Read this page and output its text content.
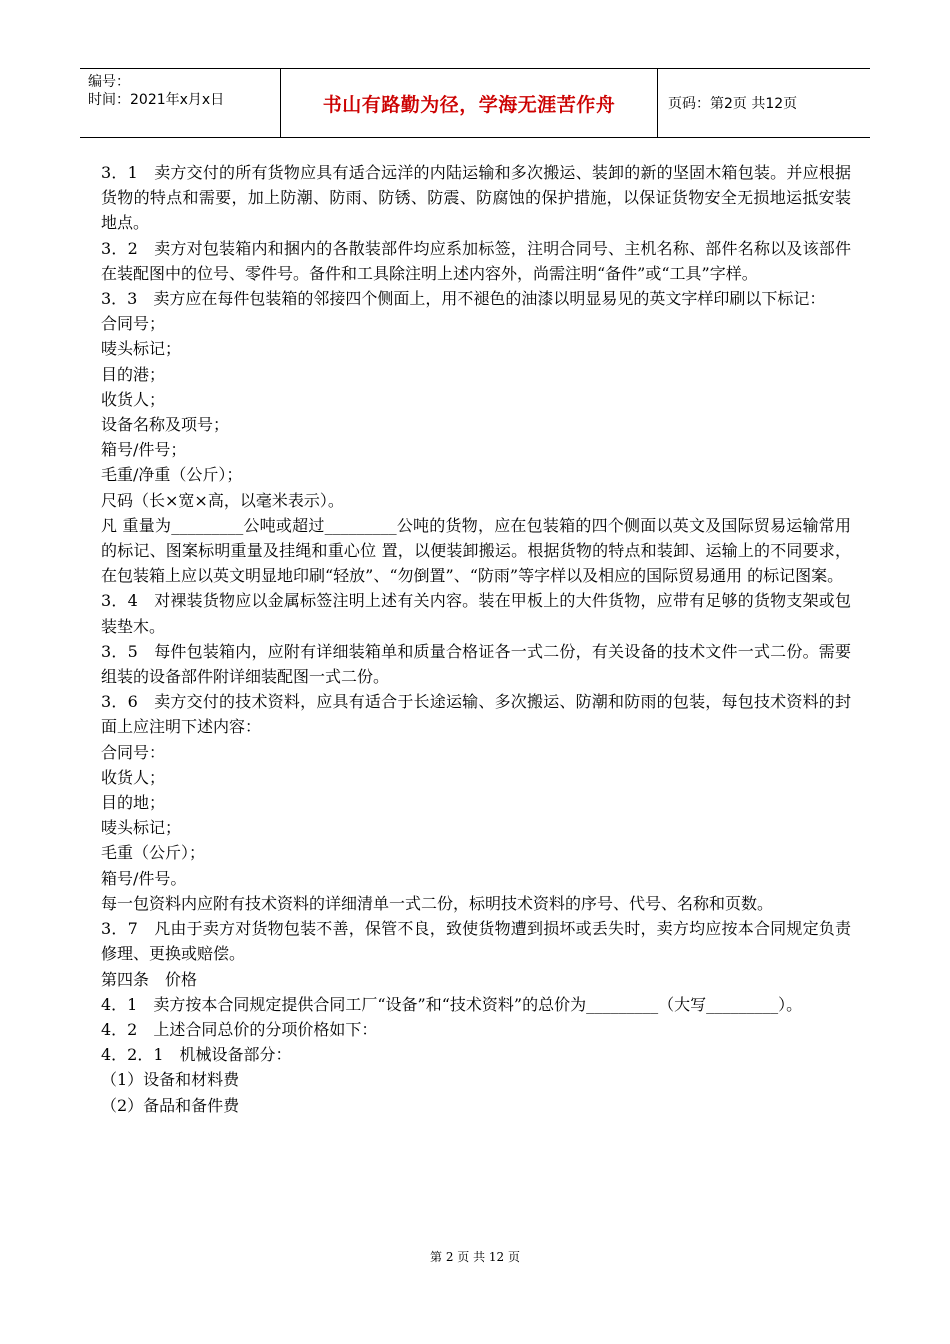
编号：
时间：2021年x月x日	书山有路勤为径，学海无涯苦作舟	页码：第2页 共12页

3．1　卖方交付的所有货物应具有适合远洋的内陆运输和多次搬运、装卸的新的坚固木箱包装。并应根据货物的特点和需要，加上防潮、防雨、防锈、防震、防腐蚀的保护措施，以保证货物安全无损地运抵安装地点。

3．2　卖方对包装箱内和捆内的各散装部件均应系加标签，注明合同号、主机名称、部件名称以及该部件在装配图中的位号、零件号。备件和工具除注明上述内容外，尚需注明“备件”或“工具”字样。

3．3　卖方应在每件包装箱的邻接四个侧面上，用不褪色的油漆以明显易见的英文字样印刷以下标记：

合同号；

唛头标记；

目的港；

收货人；

设备名称及项号；

箱号/件号；

毛重/净重（公斤）；

尺码（长×宽×高，以毫米表示）。

凡 重量为_________公吨或超过_________公吨的货物，应在包装箱的四个侧面以英文及国际贸易运输常用的标记、图案标明重量及挂绳和重心位 置，以便装卸搬运。根据货物的特点和装卸、运输上的不同要求，在包装箱上应以英文明显地印刷“轻放”、“勿倒置”、“防雨”等字样以及相应的国际贸易通用 的标记图案。

3．4　对裸装货物应以金属标签注明上述有关内容。装在甲板上的大件货物，应带有足够的货物支架或包装垫木。

3．5　每件包装箱内，应附有详细装箱单和质量合格证各一式二份，有关设备的技术文件一式二份。需要组装的设备部件附详细装配图一式二份。

3．6　卖方交付的技术资料，应具有适合于长途运输、多次搬运、防潮和防雨的包装，每包技术资料的封面上应注明下述内容：

合同号：

收货人；

目的地；

唛头标记；

毛重（公斤）；

箱号/件号。

每一包资料内应附有技术资料的详细清单一式二份，标明技术资料的序号、代号、名称和页数。

3．7　凡由于卖方对货物包装不善，保管不良，致使货物遭到损坏或丢失时，卖方均应按本合同规定负责修理、更换或赔偿。

第四条　价格

4．1　卖方按本合同规定提供合同工厂“设备”和“技术资料”的总价为_________（大写_________）。

4．2　上述合同总价的分项价格如下：

4．2．1　机械设备部分：

（1）设备和材料费

（2）备品和备件费

第 2 页 共 12 页
